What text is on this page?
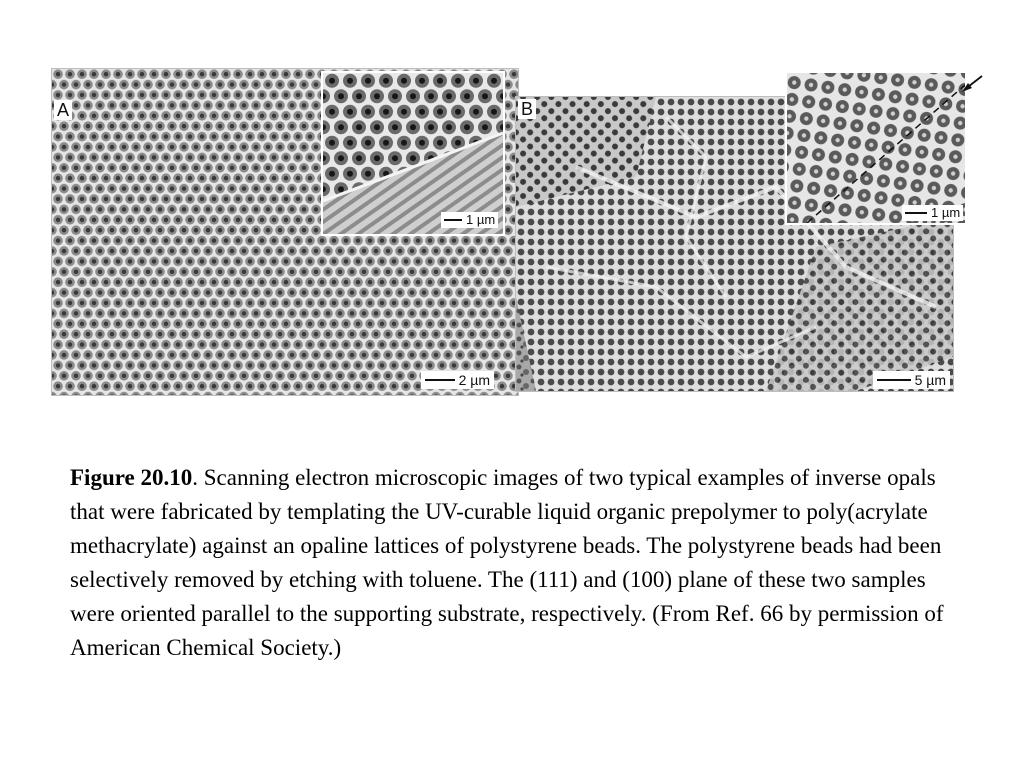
A	B
1 µm
2 µm
1 µm
5 µm
Figure 20.10. Scanning electron microscopic images of two typical examples of inverse opals that were fabricated by templating the UV-curable liquid organic prepolymer to poly(acrylate methacrylate) against an opaline lattices of polystyrene beads. The polystyrene beads had been selectively removed by etching with toluene. The (111) and (100) plane of these two samples were oriented parallel to the supporting substrate, respectively. (From Ref. 66 by permission of American Chemical Society.)
